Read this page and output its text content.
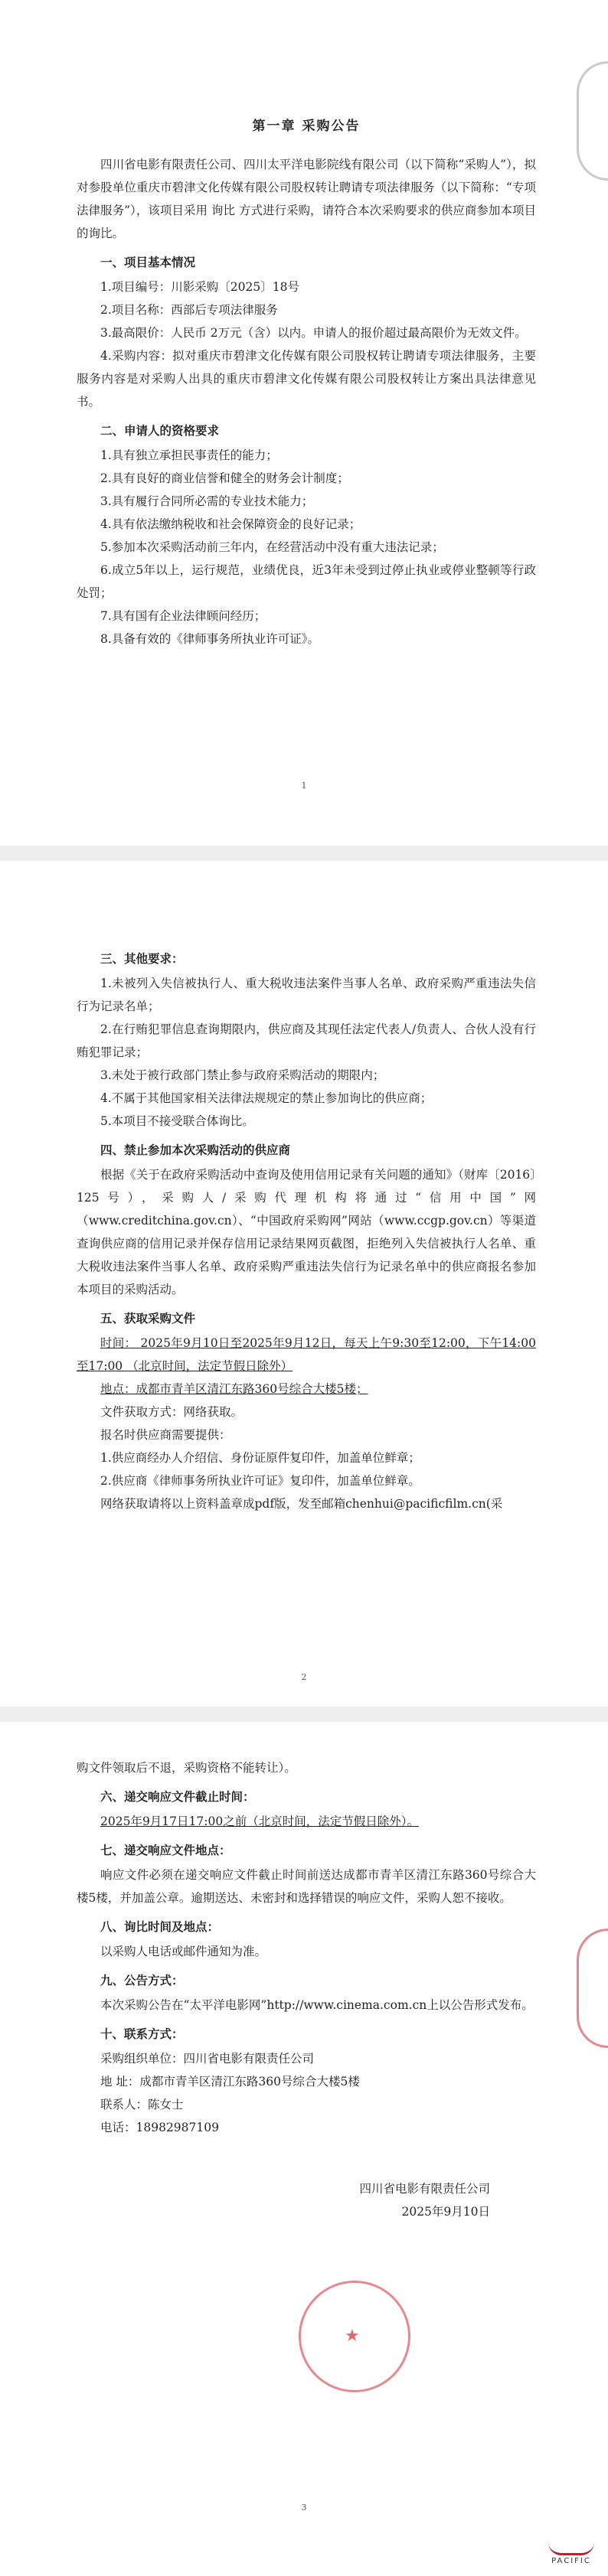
第一章 采购公告

四川省电影有限责任公司、四川太平洋电影院线有限公司（以下简称“采购人”），拟对参股单位重庆市碧津文化传媒有限公司股权转让聘请专项法律服务（以下简称：“专项法律服务”），该项目采用 询比 方式进行采购，请符合本次采购要求的供应商参加本项目的询比。

一、项目基本情况

1.项目编号：川影采购〔2025〕18号

2.项目名称：西部后专项法律服务

3.最高限价：人民币 2万元（含）以内。申请人的报价超过最高限价为无效文件。

4.采购内容：拟对重庆市碧津文化传媒有限公司股权转让聘请专项法律服务，主要服务内容是对采购人出具的重庆市碧津文化传媒有限公司股权转让方案出具法律意见书。

二、申请人的资格要求

1.具有独立承担民事责任的能力；

2.具有良好的商业信誉和健全的财务会计制度；

3.具有履行合同所必需的专业技术能力；

4.具有依法缴纳税收和社会保障资金的良好记录；

5.参加本次采购活动前三年内，在经营活动中没有重大违法记录；

6.成立5年以上，运行规范，业绩优良，近3年未受到过停止执业或停业整顿等行政处罚；

7.具有国有企业法律顾问经历；

8.具备有效的《律师事务所执业许可证》。

1
三、其他要求：

1.未被列入失信被执行人、重大税收违法案件当事人名单、政府采购严重违法失信行为记录名单；

2.在行贿犯罪信息查询期限内，供应商及其现任法定代表人/负责人、合伙人没有行贿犯罪记录；

3.未处于被行政部门禁止参与政府采购活动的期限内；

4.不属于其他国家相关法律法规规定的禁止参加询比的供应商；

5.本项目不接受联合体询比。

四、禁止参加本次采购活动的供应商

根据《关于在政府采购活动中查询及使用信用记录有关问题的通知》（财库〔2016〕125号），采购人/采购代理机构将通过“信用中国”网（www.creditchina.gov.cn）、“中国政府采购网”网站（www.ccgp.gov.cn）等渠道查询供应商的信用记录并保存信用记录结果网页截图，拒绝列入失信被执行人名单、重大税收违法案件当事人名单、政府采购严重违法失信行为记录名单中的供应商报名参加本项目的采购活动。

五、获取采购文件

时间： 2025年9月10日至2025年9月12日，每天上午9:30至12:00，下午14:00至17:00 （北京时间，法定节假日除外）

地点：成都市青羊区清江东路360号综合大楼5楼；

文件获取方式：网络获取。

报名时供应商需要提供：

1.供应商经办人介绍信、身份证原件复印件，加盖单位鲜章；

2.供应商《律师事务所执业许可证》复印件，加盖单位鲜章。

网络获取请将以上资料盖章成pdf版，发至邮箱chenhui@pacificfilm.cn(采

2

购文件领取后不退，采购资格不能转让）。

六、递交响应文件截止时间：

2025年9月17日17:00之前（北京时间，法定节假日除外）。

七、递交响应文件地点：

响应文件必须在递交响应文件截止时间前送达成都市青羊区清江东路360号综合大楼5楼，并加盖公章。逾期送达、未密封和选择错误的响应文件，采购人恕不接收。

八、询比时间及地点：

以采购人电话或邮件通知为准。

九、公告方式：

本次采购公告在“太平洋电影网”http://www.cinema.com.cn上以公告形式发布。

十、联系方式：

采购组织单位：四川省电影有限责任公司

地 址：成都市青羊区清江东路360号综合大楼5楼

联系人：陈女士

电话：18982987109

四川省电影有限责任公司
2025年9月10日
3
★
PACIFIC
